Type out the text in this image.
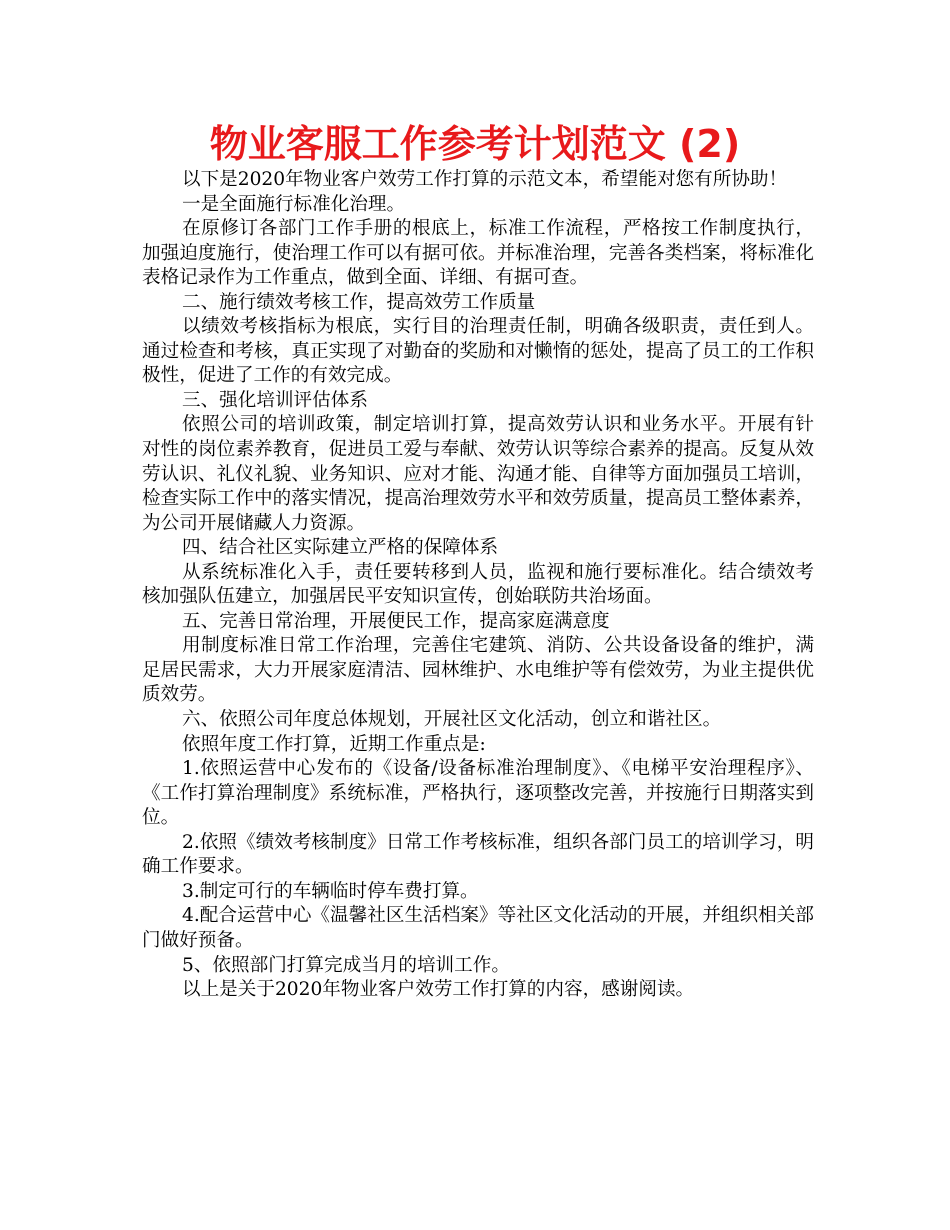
物业客服工作参考计划范文 (2)

以下是2020年物业客户效劳工作打算的示范文本，希望能对您有所协助！

一是全面施行标准化治理。

在原修订各部门工作手册的根底上，标准工作流程，严格按工作制度执行，加强迫度施行，使治理工作可以有据可依。并标准治理，完善各类档案，将标准化表格记录作为工作重点，做到全面、详细、有据可查。

二、施行绩效考核工作，提高效劳工作质量

以绩效考核指标为根底，实行目的治理责任制，明确各级职责，责任到人。通过检查和考核，真正实现了对勤奋的奖励和对懒惰的惩处，提高了员工的工作积极性，促进了工作的有效完成。

三、强化培训评估体系

依照公司的培训政策，制定培训打算，提高效劳认识和业务水平。开展有针对性的岗位素养教育，促进员工爱与奉献、效劳认识等综合素养的提高。反复从效劳认识、礼仪礼貌、业务知识、应对才能、沟通才能、自律等方面加强员工培训，检查实际工作中的落实情况，提高治理效劳水平和效劳质量，提高员工整体素养，为公司开展储藏人力资源。

四、结合社区实际建立严格的保障体系

从系统标准化入手，责任要转移到人员，监视和施行要标准化。结合绩效考核加强队伍建立，加强居民平安知识宣传，创始联防共治场面。

五、完善日常治理，开展便民工作，提高家庭满意度

用制度标准日常工作治理，完善住宅建筑、消防、公共设备设备的维护，满足居民需求，大力开展家庭清洁、园林维护、水电维护等有偿效劳，为业主提供优质效劳。

六、依照公司年度总体规划，开展社区文化活动，创立和谐社区。

依照年度工作打算，近期工作重点是:

1.依照运营中心发布的《设备/设备标准治理制度》、《电梯平安治理程序》、《工作打算治理制度》系统标准，严格执行，逐项整改完善，并按施行日期落实到位。

2.依照《绩效考核制度》日常工作考核标准，组织各部门员工的培训学习，明确工作要求。

3.制定可行的车辆临时停车费打算。

4.配合运营中心《温馨社区生活档案》等社区文化活动的开展，并组织相关部门做好预备。

5、依照部门打算完成当月的培训工作。

以上是关于2020年物业客户效劳工作打算的内容，感谢阅读。
